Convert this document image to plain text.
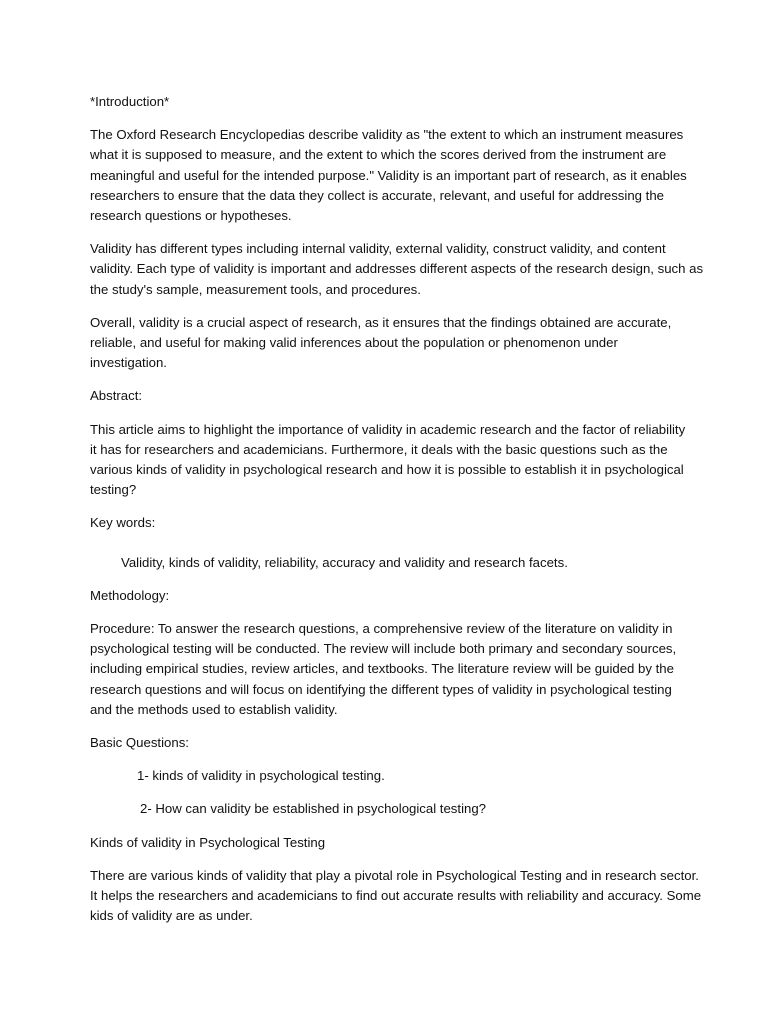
*Introduction*

The Oxford Research Encyclopedias describe validity as "the extent to which an instrument measures
what it is supposed to measure, and the extent to which the scores derived from the instrument are
meaningful and useful for the intended purpose." Validity is an important part of research, as it enables
researchers to ensure that the data they collect is accurate, relevant, and useful for addressing the
research questions or hypotheses.

Validity has different types including internal validity, external validity, construct validity, and content
validity. Each type of validity is important and addresses different aspects of the research design, such as
the study's sample, measurement tools, and procedures.

Overall, validity is a crucial aspect of research, as it ensures that the findings obtained are accurate,
reliable, and useful for making valid inferences about the population or phenomenon under
investigation.

Abstract:

This article aims to highlight the importance of validity in academic research and the factor of reliability
it has for researchers and academicians. Furthermore, it deals with the basic questions such as the
various kinds of validity in psychological research and how it is possible to establish it in psychological
testing?

Key words:

Validity, kinds of validity, reliability, accuracy and validity and research facets.

Methodology:

Procedure: To answer the research questions, a comprehensive review of the literature on validity in
psychological testing will be conducted. The review will include both primary and secondary sources,
including empirical studies, review articles, and textbooks. The literature review will be guided by the
research questions and will focus on identifying the different types of validity in psychological testing
and the methods used to establish validity.

Basic Questions:

1- kinds of validity in psychological testing.

2- How can validity be established in psychological testing?

Kinds of validity in Psychological Testing

There are various kinds of validity that play a pivotal role in Psychological Testing and in research sector.
It helps the researchers and academicians to find out accurate results with reliability and accuracy. Some
kids of validity are as under.
